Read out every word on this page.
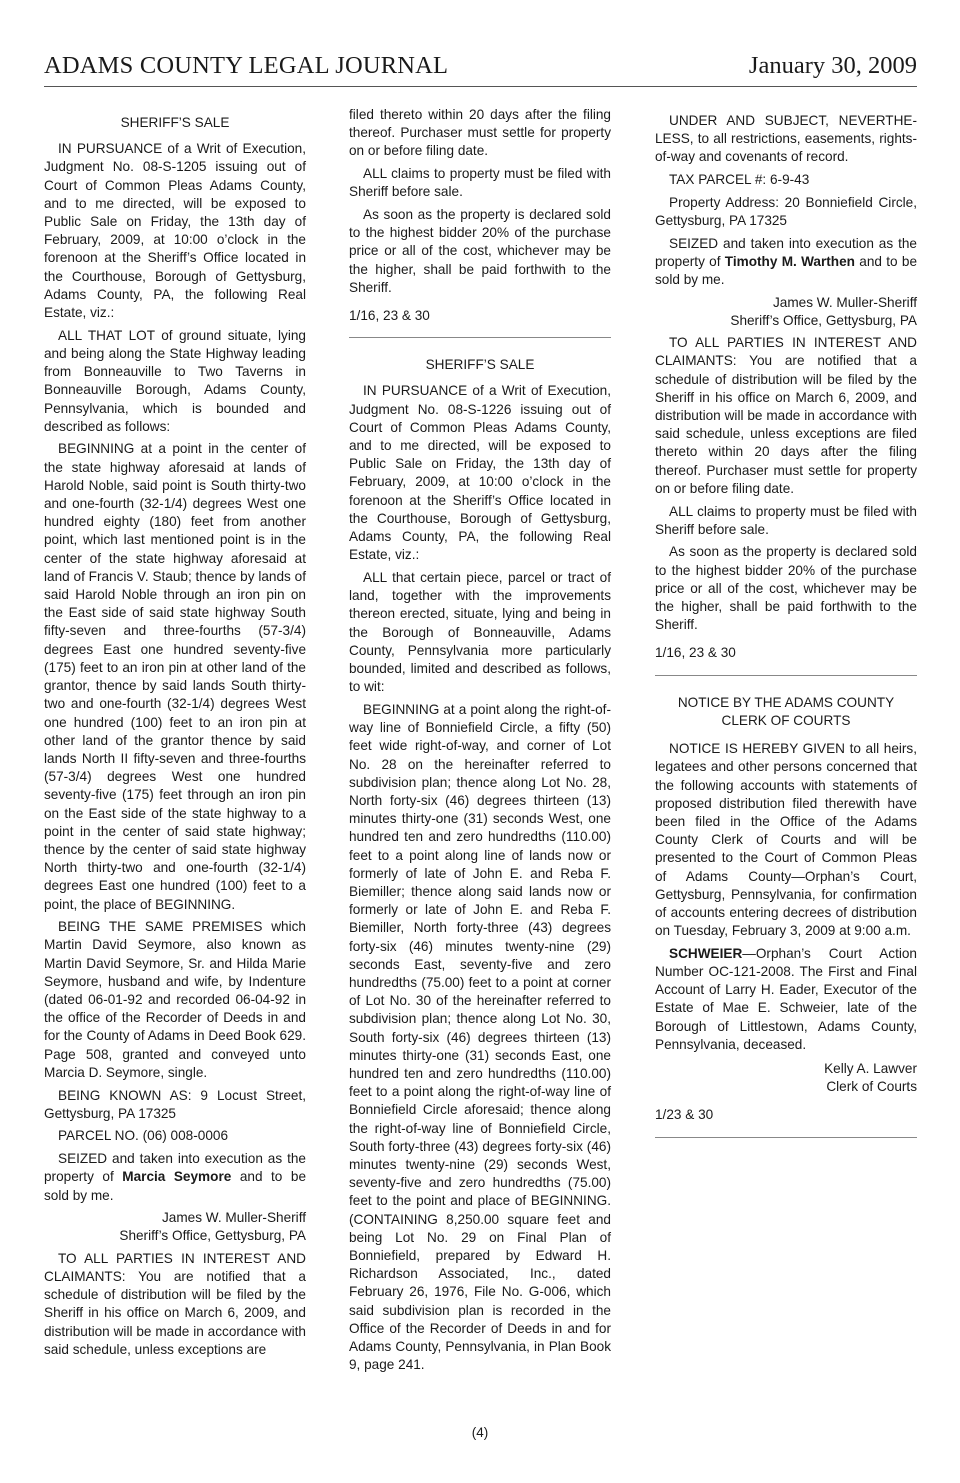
ADAMS COUNTY LEGAL JOURNAL	January 30, 2009

SHERIFF’S SALE

IN PURSUANCE of a Writ of Execution, Judgment No. 08-S-1205 issuing out of Court of Common Pleas Adams County, and to me directed, will be exposed to Public Sale on Friday, the 13th day of February, 2009, at 10:00 o’clock in the forenoon at the Sheriff’s Office located in the Courthouse, Borough of Gettysburg, Adams County, PA, the following Real Estate, viz.:

ALL THAT LOT of ground situate, lying and being along the State Highway leading from Bonneauville to Two Taverns in Bonneauville Borough, Adams County, Pennsylvania, which is bounded and described as follows:

BEGINNING at a point in the center of the state highway aforesaid at lands of Harold Noble, said point is South thirty-two and one-fourth (32-1/4) degrees West one hundred eighty (180) feet from another point, which last mentioned point is in the center of the state highway aforesaid at land of Francis V. Staub; thence by lands of said Harold Noble through an iron pin on the East side of said state highway South fifty-seven and three-fourths (57-3/4) degrees East one hundred seventy-five (175) feet to an iron pin at other land of the grantor, thence by said lands South thirty-two and one-fourth (32-1/4) degrees West one hundred (100) feet to an iron pin at other land of the grantor thence by said lands North II fifty-seven and three-fourths (57-3/4) degrees West one hundred seventy-five (175) feet through an iron pin on the East side of the state highway to a point in the center of said state highway; thence by the center of said state highway North thirty-two and one-fourth (32-1/4) degrees East one hundred (100) feet to a point, the place of BEGINNING.

BEING THE SAME PREMISES which Martin David Seymore, also known as Martin David Seymore, Sr. and Hilda Marie Seymore, husband and wife, by Indenture (dated 06-01-92 and recorded 06-04-92 in the office of the Recorder of Deeds in and for the County of Adams in Deed Book 629. Page 508, granted and conveyed unto Marcia D. Seymore, single.

BEING KNOWN AS: 9 Locust Street, Gettysburg, PA 17325

PARCEL NO. (06) 008-0006

SEIZED and taken into execution as the property of Marcia Seymore and to be sold by me.

James W. Muller-Sheriff

Sheriff’s Office, Gettysburg, PA

TO ALL PARTIES IN INTEREST AND CLAIMANTS: You are notified that a schedule of distribution will be filed by the Sheriff in his office on March 6, 2009, and distribution will be made in accordance with said schedule, unless exceptions are

filed thereto within 20 days after the filing thereof. Purchaser must settle for property on or before filing date.

ALL claims to property must be filed with Sheriff before sale.

As soon as the property is declared sold to the highest bidder 20% of the purchase price or all of the cost, whichever may be the higher, shall be paid forthwith to the Sheriff.

1/16, 23 & 30

SHERIFF’S SALE

IN PURSUANCE of a Writ of Execution, Judgment No. 08-S-1226 issuing out of Court of Common Pleas Adams County, and to me directed, will be exposed to Public Sale on Friday, the 13th day of February, 2009, at 10:00 o’clock in the forenoon at the Sheriff’s Office located in the Courthouse, Borough of Gettysburg, Adams County, PA, the following Real Estate, viz.:

ALL that certain piece, parcel or tract of land, together with the improvements thereon erected, situate, lying and being in the Borough of Bonneauville, Adams County, Pennsylvania more particularly bounded, limited and described as follows, to wit:

BEGINNING at a point along the right-of-way line of Bonniefield Circle, a fifty (50) feet wide right-of-way, and corner of Lot No. 28 on the hereinafter referred to subdivision plan; thence along Lot No. 28, North forty-six (46) degrees thirteen (13) minutes thirty-one (31) seconds West, one hundred ten and zero hundredths (110.00) feet to a point along line of lands now or formerly of late of John E. and Reba F. Biemiller; thence along said lands now or formerly or late of John E. and Reba F. Biemiller, North forty-three (43) degrees forty-six (46) minutes twenty-nine (29) seconds East, seventy-five and zero hundredths (75.00) feet to a point at corner of Lot No. 30 of the hereinafter referred to subdivision plan; thence along Lot No. 30, South forty-six (46) degrees thirteen (13) minutes thirty-one (31) seconds East, one hundred ten and zero hundredths (110.00) feet to a point along the right-of-way line of Bonniefield Circle aforesaid; thence along the right-of-way line of Bonniefield Circle, South forty-three (43) degrees forty-six (46) minutes twenty-nine (29) seconds West, seventy-five and zero hundredths (75.00) feet to the point and place of BEGINNING. (CONTAINING 8,250.00 square feet and being Lot No. 29 on Final Plan of Bonniefield, prepared by Edward H. Richardson Associated, Inc., dated February 26, 1976, File No. G-006, which said subdivision plan is recorded in the Office of the Recorder of Deeds in and for Adams County, Pennsylvania, in Plan Book 9, page 241.

UNDER AND SUBJECT, NEVERTHELESS, to all restrictions, easements, rights-of-way and covenants of record.

TAX PARCEL #: 6-9-43

Property Address: 20 Bonniefield Circle, Gettysburg, PA 17325

SEIZED and taken into execution as the property of Timothy M. Warthen and to be sold by me.

James W. Muller-Sheriff

Sheriff’s Office, Gettysburg, PA

TO ALL PARTIES IN INTEREST AND CLAIMANTS: You are notified that a schedule of distribution will be filed by the Sheriff in his office on March 6, 2009, and distribution will be made in accordance with said schedule, unless exceptions are filed thereto within 20 days after the filing thereof. Purchaser must settle for property on or before filing date.

ALL claims to property must be filed with Sheriff before sale.

As soon as the property is declared sold to the highest bidder 20% of the purchase price or all of the cost, whichever may be the higher, shall be paid forthwith to the Sheriff.

1/16, 23 & 30

NOTICE BY THE ADAMS COUNTY
CLERK OF COURTS

NOTICE IS HEREBY GIVEN to all heirs, legatees and other persons concerned that the following accounts with statements of proposed distribution filed therewith have been filed in the Office of the Adams County Clerk of Courts and will be presented to the Court of Common Pleas of Adams County—Orphan’s Court, Gettysburg, Pennsylvania, for confirmation of accounts entering decrees of distribution on Tuesday, February 3, 2009 at 9:00 a.m.

SCHWEIER—Orphan’s Court Action Number OC-121-2008. The First and Final Account of Larry H. Eader, Executor of the Estate of Mae E. Schweier, late of the Borough of Littlestown, Adams County, Pennsylvania, deceased.

Kelly A. Lawver

Clerk of Courts

1/23 & 30

(4)
